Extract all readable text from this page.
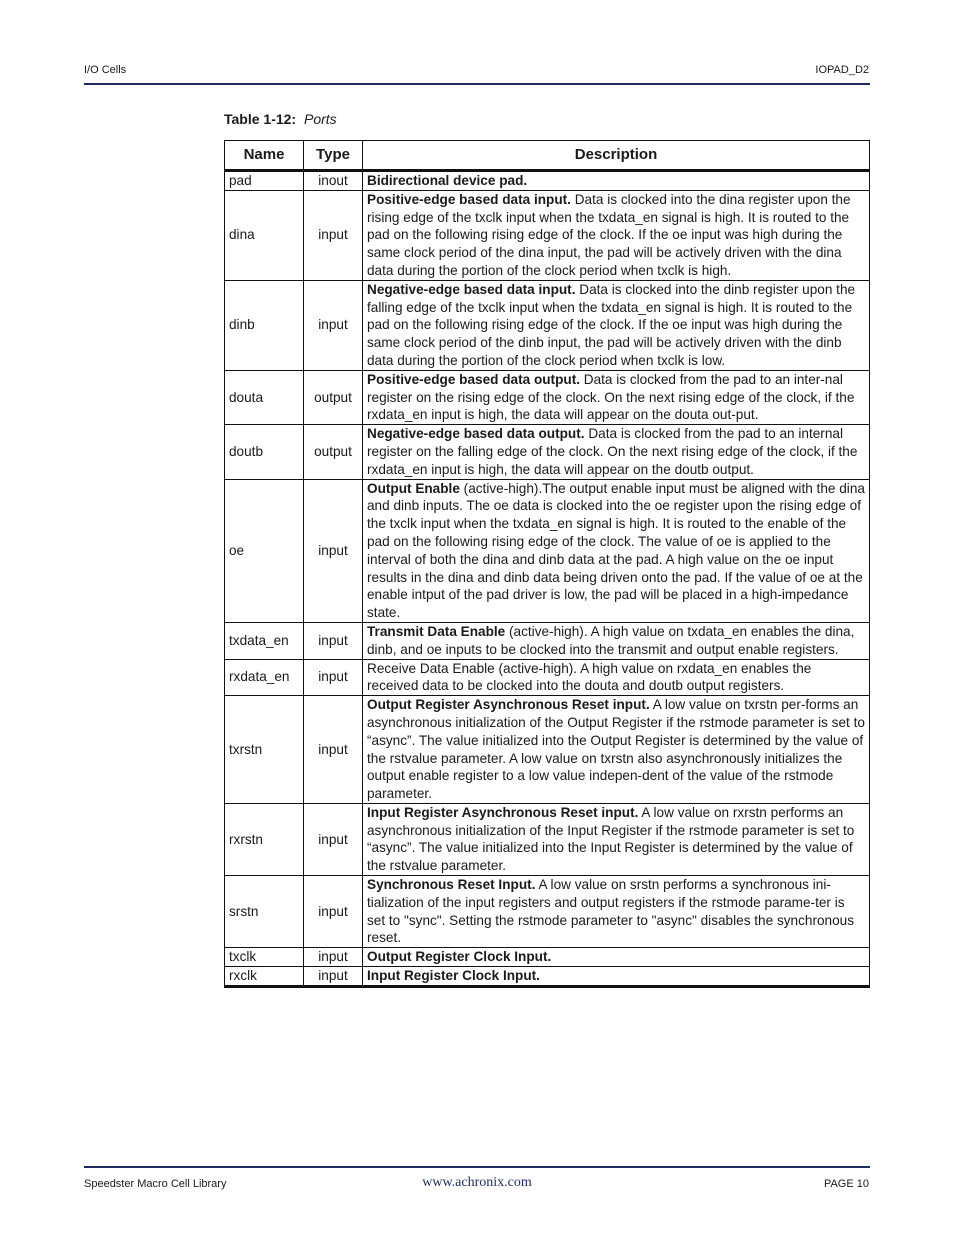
I/O Cells	IOPAD_D2
Table 1-12: Ports
Name	Type	Description
pad	inout	Bidirectional device pad.
dina	input	Positive-edge based data input. Data is clocked into the dina register upon the rising edge of the txclk input when the txdata_en signal is high. It is routed to the pad on the following rising edge of the clock. If the oe input was high during the same clock period of the dina input, the pad will be actively driven with the dina data during the portion of the clock period when txclk is high.
dinb	input	Negative-edge based data input. Data is clocked into the dinb register upon the falling edge of the txclk input when the txdata_en signal is high. It is routed to the pad on the following rising edge of the clock. If the oe input was high during the same clock period of the dinb input, the pad will be actively driven with the dinb data during the portion of the clock period when txclk is low.
douta	output	Positive-edge based data output. Data is clocked from the pad to an inter-nal register on the rising edge of the clock. On the next rising edge of the clock, if the rxdata_en input is high, the data will appear on the douta out-put.
doutb	output	Negative-edge based data output. Data is clocked from the pad to an internal register on the falling edge of the clock. On the next rising edge of the clock, if the rxdata_en input is high, the data will appear on the doutb output.
oe	input	Output Enable (active-high).The output enable input must be aligned with the dina and dinb inputs. The oe data is clocked into the oe register upon the rising edge of the txclk input when the txdata_en signal is high. It is routed to the enable of the pad on the following rising edge of the clock. The value of oe is applied to the interval of both the dina and dinb data at the pad. A high value on the oe input results in the dina and dinb data being driven onto the pad. If the value of oe at the enable intput of the pad driver is low, the pad will be placed in a high-impedance state.
txdata_en	input	Transmit Data Enable (active-high). A high value on txdata_en enables the dina, dinb, and oe inputs to be clocked into the transmit and output enable registers.
rxdata_en	input	Receive Data Enable (active-high). A high value on rxdata_en enables the received data to be clocked into the douta and doutb output registers.
txrstn	input	Output Register Asynchronous Reset input. A low value on txrstn per-forms an asynchronous initialization of the Output Register if the rstmode parameter is set to “async”. The value initialized into the Output Register is determined by the value of the rstvalue parameter. A low value on txrstn also asynchronously initializes the output enable register to a low value indepen-dent of the value of the rstmode parameter.
rxrstn	input	Input Register Asynchronous Reset input. A low value on rxrstn performs an asynchronous initialization of the Input Register if the rstmode parameter is set to “async”. The value initialized into the Input Register is determined by the value of the rstvalue parameter.
srstn	input	Synchronous Reset Input. A low value on srstn performs a synchronous ini-tialization of the input registers and output registers if the rstmode parame-ter is set to "sync". Setting the rstmode parameter to "async" disables the synchronous reset.
txclk	input	Output Register Clock Input.
rxclk	input	Input Register Clock Input.
Speedster Macro Cell Library	www.achronix.com	PAGE 10
